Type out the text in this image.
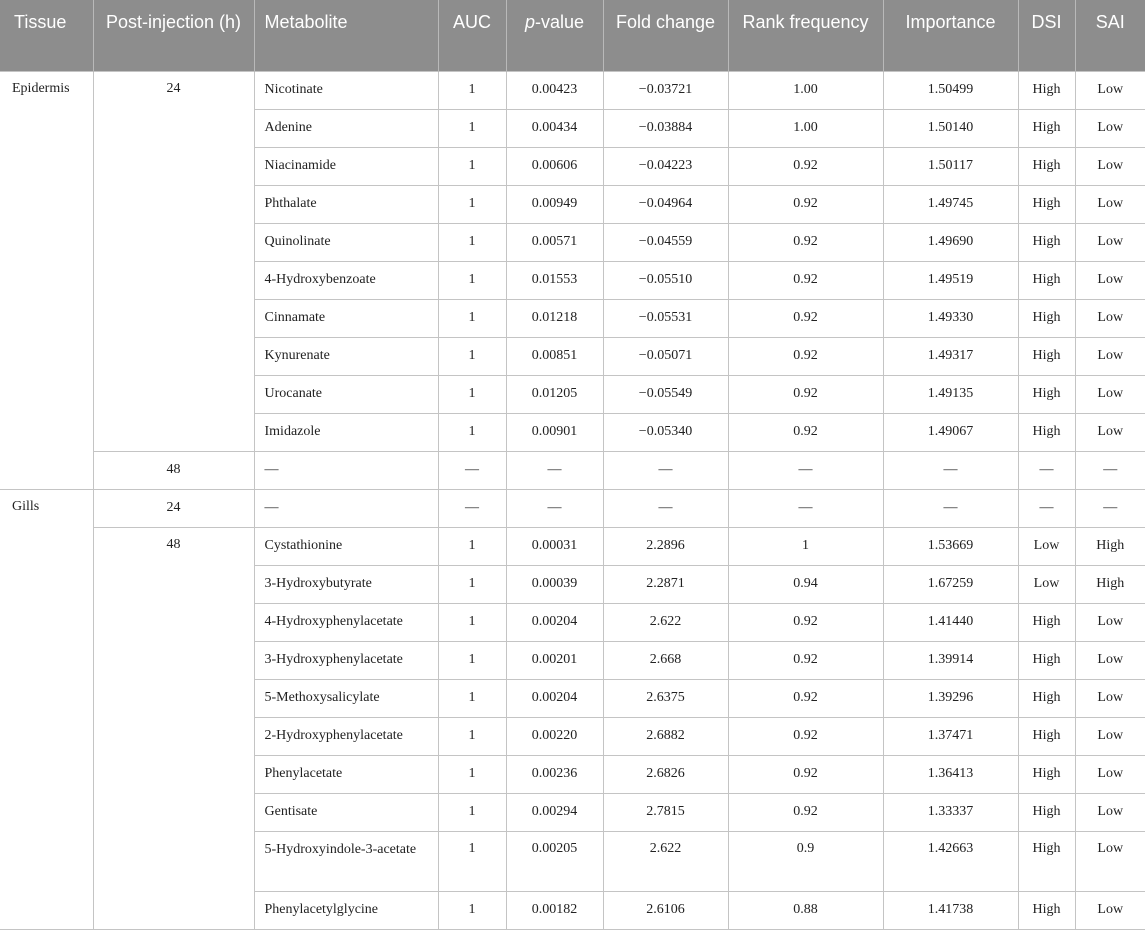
Tissue	Post-injection (h)	Metabolite	AUC	p-value	Fold change	Rank frequency	Importance	DSI	SAI
Epidermis	24	Nicotinate	1	0.00423	−0.03721	1.00	1.50499	High	Low
		Adenine	1	0.00434	−0.03884	1.00	1.50140	High	Low
		Niacinamide	1	0.00606	−0.04223	0.92	1.50117	High	Low
		Phthalate	1	0.00949	−0.04964	0.92	1.49745	High	Low
		Quinolinate	1	0.00571	−0.04559	0.92	1.49690	High	Low
		4-Hydroxybenzoate	1	0.01553	−0.05510	0.92	1.49519	High	Low
		Cinnamate	1	0.01218	−0.05531	0.92	1.49330	High	Low
		Kynurenate	1	0.00851	−0.05071	0.92	1.49317	High	Low
		Urocanate	1	0.01205	−0.05549	0.92	1.49135	High	Low
		Imidazole	1	0.00901	−0.05340	0.92	1.49067	High	Low
	48	—	—	—	—	—	—	—	—
Gills	24	—	—	—	—	—	—	—	—
	48	Cystathionine	1	0.00031	2.2896	1	1.53669	Low	High
		3-Hydroxybutyrate	1	0.00039	2.2871	0.94	1.67259	Low	High
		4-Hydroxyphenylacetate	1	0.00204	2.622	0.92	1.41440	High	Low
		3-Hydroxyphenylacetate	1	0.00201	2.668	0.92	1.39914	High	Low
		5-Methoxysalicylate	1	0.00204	2.6375	0.92	1.39296	High	Low
		2-Hydroxyphenylacetate	1	0.00220	2.6882	0.92	1.37471	High	Low
		Phenylacetate	1	0.00236	2.6826	0.92	1.36413	High	Low
		Gentisate	1	0.00294	2.7815	0.92	1.33337	High	Low
		5-Hydroxyindole-3-acetate	1	0.00205	2.622	0.9	1.42663	High	Low
		Phenylacetylglycine	1	0.00182	2.6106	0.88	1.41738	High	Low
